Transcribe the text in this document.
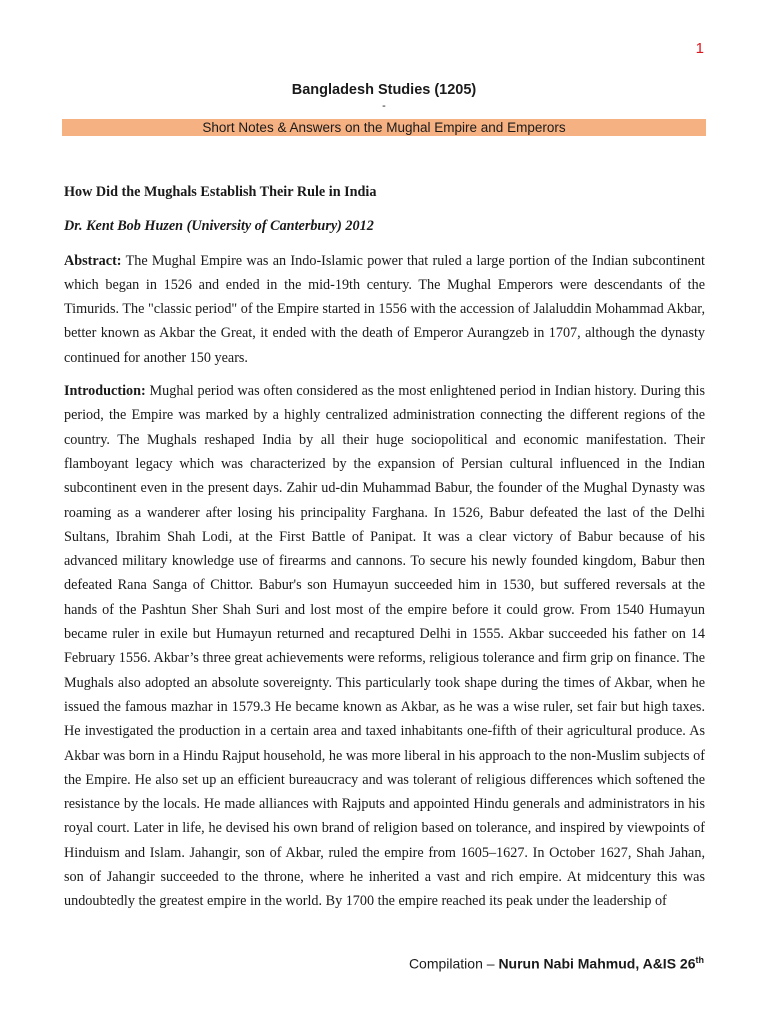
1
Bangladesh Studies (1205)
-
Short Notes & Answers on the Mughal Empire and Emperors

How Did the Mughals Establish Their Rule in India

Dr. Kent Bob Huzen (University of Canterbury) 2012

Abstract: The Mughal Empire was an Indo-Islamic power that ruled a large portion of the Indian subcontinent which began in 1526 and ended in the mid-19th century. The Mughal Emperors were descendants of the Timurids. The "classic period" of the Empire started in 1556 with the accession of Jalaluddin Mohammad Akbar, better known as Akbar the Great, it ended with the death of Emperor Aurangzeb in 1707, although the dynasty continued for another 150 years.

Introduction: Mughal period was often considered as the most enlightened period in Indian history. During this period, the Empire was marked by a highly centralized administration connecting the different regions of the country. The Mughals reshaped India by all their huge sociopolitical and economic manifestation. Their flamboyant legacy which was characterized by the expansion of Persian cultural influenced in the Indian subcontinent even in the present days. Zahir ud-din Muhammad Babur, the founder of the Mughal Dynasty was roaming as a wanderer after losing his principality Farghana. In 1526, Babur defeated the last of the Delhi Sultans, Ibrahim Shah Lodi, at the First Battle of Panipat. It was a clear victory of Babur because of his advanced military knowledge use of firearms and cannons. To secure his newly founded kingdom, Babur then defeated Rana Sanga of Chittor. Babur's son Humayun succeeded him in 1530, but suffered reversals at the hands of the Pashtun Sher Shah Suri and lost most of the empire before it could grow. From 1540 Humayun became ruler in exile but Humayun returned and recaptured Delhi in 1555. Akbar succeeded his father on 14 February 1556. Akbar’s three great achievements were reforms, religious tolerance and firm grip on finance. The Mughals also adopted an absolute sovereignty. This particularly took shape during the times of Akbar, when he issued the famous mazhar in 1579.3 He became known as Akbar, as he was a wise ruler, set fair but high taxes. He investigated the production in a certain area and taxed inhabitants one-fifth of their agricultural produce. As Akbar was born in a Hindu Rajput household, he was more liberal in his approach to the non-Muslim subjects of the Empire. He also set up an efficient bureaucracy and was tolerant of religious differences which softened the resistance by the locals. He made alliances with Rajputs and appointed Hindu generals and administrators in his royal court. Later in life, he devised his own brand of religion based on tolerance, and inspired by viewpoints of Hinduism and Islam. Jahangir, son of Akbar, ruled the empire from 1605–1627. In October 1627, Shah Jahan, son of Jahangir succeeded to the throne, where he inherited a vast and rich empire. At midcentury this was undoubtedly the greatest empire in the world. By 1700 the empire reached its peak under the leadership of

Compilation – Nurun Nabi Mahmud, A&IS 26th
